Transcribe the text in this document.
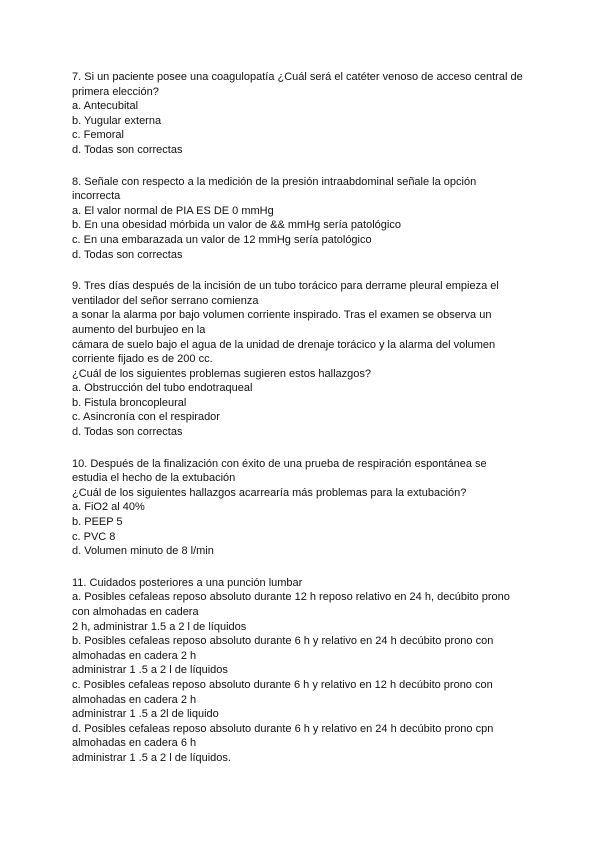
7. Si un paciente posee una coagulopatía ¿Cuál será el catéter venoso de acceso central de
primera elección?
a. Antecubital
b. Yugular externa
c. Femoral
d. Todas son correctas
8. Señale con respecto a la medición de la presión intraabdominal señale la opción
incorrecta
a. El valor normal de PIA ES DE 0 mmHg
b. En una obesidad mórbida un valor de && mmHg sería patológico
c. En una embarazada un valor de 12 mmHg sería patológico
d. Todas son correctas
9. Tres días después de la incisión de un tubo torácico para derrame pleural empieza el
ventilador del señor serrano comienza
a sonar la alarma por bajo volumen corriente inspirado. Tras el examen se observa un
aumento del burbujeo en la
cámara de suelo bajo el agua de la unidad de drenaje torácico y la alarma del volumen
corriente fijado es de 200 cc.
¿Cuál de los siguientes problemas sugieren estos hallazgos?
a. Obstrucción del tubo endotraqueal
b. Fistula broncopleural
c. Asincronía con el respirador
d. Todas son correctas
10. Después de la finalización con éxito de una prueba de respiración espontánea se
estudia el hecho de la extubación
¿Cuál de los siguientes hallazgos acarrearía más problemas para la extubación?
a. FiO2 al 40%
b. PEEP 5
c. PVC 8
d. Volumen minuto de 8 l/min
11. Cuidados posteriores a una punción lumbar
a. Posibles cefaleas reposo absoluto durante 12 h reposo relativo en 24 h, decúbito prono
con almohadas en cadera
2 h, administrar 1.5 a 2 l de líquidos
b. Posibles cefaleas reposo absoluto durante 6 h y relativo en 24 h decúbito prono con
almohadas en cadera 2 h
administrar 1 .5 a 2 l de líquidos
c. Posibles cefaleas reposo absoluto durante 6 h y relativo en 12 h decúbito prono con
almohadas en cadera 2 h
administrar 1 .5 a 2l de liquido
d. Posibles cefaleas reposo absoluto durante 6 h y relativo en 24 h decúbito prono cpn
almohadas en cadera 6 h
administrar 1 .5 a 2 l de líquidos.
